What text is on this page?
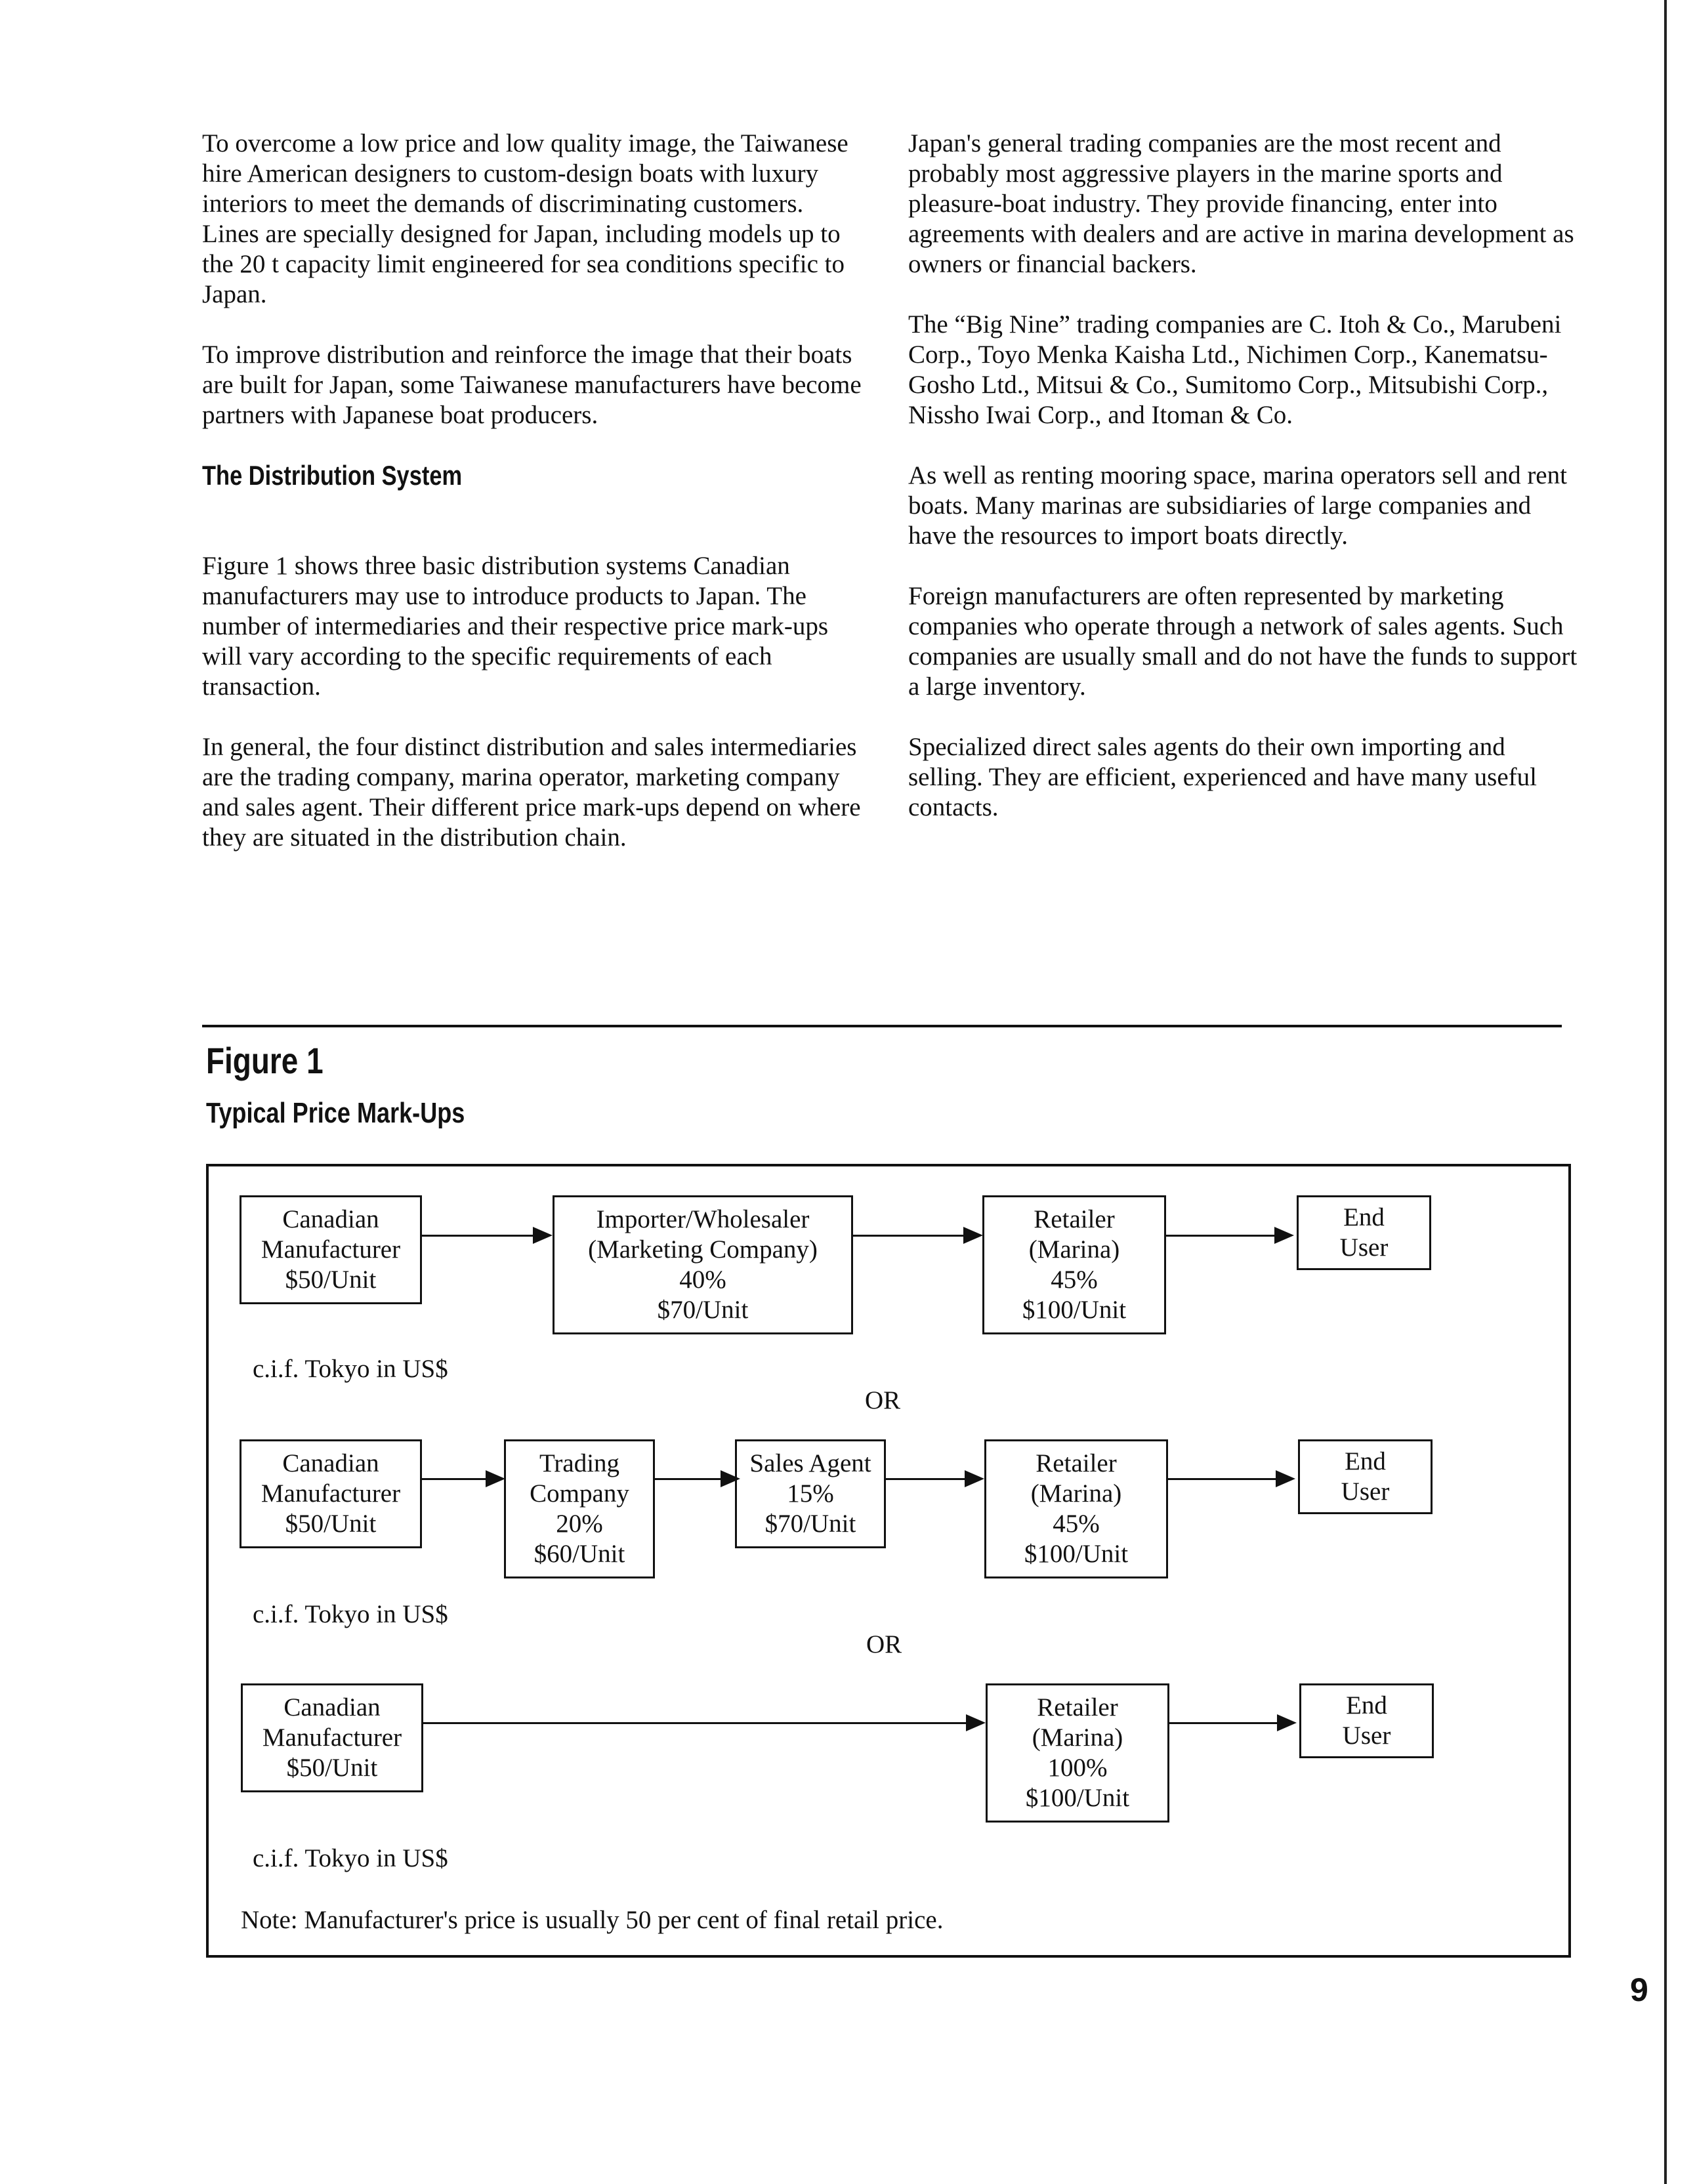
To overcome a low price and low quality image, the Taiwanese hire American designers to custom-design boats with luxury interiors to meet the demands of discriminating customers. Lines are specially designed for Japan, including models up to the 20 t capacity limit engineered for sea conditions specific to Japan.

To improve distribution and reinforce the image that their boats are built for Japan, some Taiwanese manufacturers have become partners with Japanese boat producers.

The Distribution System

Figure 1 shows three basic distribution systems Canadian manufacturers may use to introduce products to Japan. The number of intermediaries and their respective price mark-ups will vary according to the specific requirements of each transaction.

In general, the four distinct distribution and sales intermediaries are the trading company, marina operator, marketing company and sales agent. Their different price mark-ups depend on where they are situated in the distribution chain.

Japan's general trading companies are the most recent and probably most aggressive players in the marine sports and pleasure-boat industry. They provide financing, enter into agreements with dealers and are active in marina development as owners or financial backers.

The “Big Nine” trading companies are C. Itoh & Co., Marubeni Corp., Toyo Menka Kaisha Ltd., Nichimen Corp., Kanematsu-Gosho Ltd., Mitsui & Co., Sumitomo Corp., Mitsubishi Corp., Nissho Iwai Corp., and Itoman & Co.

As well as renting mooring space, marina operators sell and rent boats. Many marinas are subsidiaries of large companies and have the resources to import boats directly.

Foreign manufacturers are often represented by marketing companies who operate through a network of sales agents. Such companies are usually small and do not have the funds to support a large inventory.

Specialized direct sales agents do their own importing and selling. They are efficient, experienced and have many useful contacts.

Figure 1
Typical Price Mark-Ups
Canadian
Manufacturer
$50/Unit
Importer/Wholesaler
(Marketing Company)
40%
$70/Unit
Retailer
(Marina)
45%
$100/Unit
End
User
c.i.f. Tokyo in US$
OR
Canadian
Manufacturer
$50/Unit
Trading
Company
20%
$60/Unit
Sales Agent
15%
$70/Unit
Retailer
(Marina)
45%
$100/Unit
End
User
c.i.f. Tokyo in US$
OR
Canadian
Manufacturer
$50/Unit
Retailer
(Marina)
100%
$100/Unit
End
User
c.i.f. Tokyo in US$
Note: Manufacturer's price is usually 50 per cent of final retail price.
9
